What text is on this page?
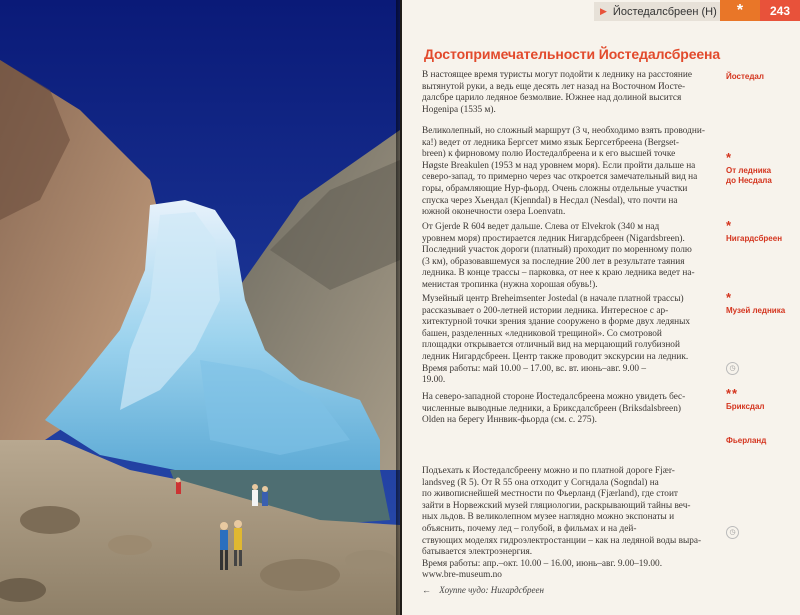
▶ Йостедалсбреен (H)	*	243
Достопримечательности Йостедалсбреена
В настоящее время туристы могут подойти к леднику на расстояние
вытянутой руки, а ведь еще десять лет назад на Восточном Йосте-
далсбре царило ледяное безмолвие. Южнее над долиной высится
Hogenipa (1535 м).
Великолепный, но сложный маршрут (3 ч, необходимо взять проводни-
ка!) ведет от ледника Бергсет мимо язык Бергсетбреена (Bergset-
breen) к фирновому полю Йостедалбреена и к его высшей точке
Høgste Breakulen (1953 м над уровнем моря). Если пройти дальше на
северо-запад, то примерно через час откроется замечательный вид на
горы, обрамляющие Нур-фьорд. Очень сложны отдельные участки
спуска через Хьендал (Kjenndal) в Несдал (Nesdal), что почти на
южной оконечности озера Loenvatn.
От Gjerde R 604 ведет дальше. Слева от Elvekrok (340 м над
уровнем моря) простирается ледник Нигардсбреен (Nigardsbreen).
Последний участок дороги (платный) проходит по моренному полю
(3 км), образовавшемуся за последние 200 лет в результате таяния
ледника. В конце трассы – парковка, от нее к краю ледника ведет на-
менистая тропинка (нужна хорошая обувь!).
Музейный центр Breheimsenter Jostedal (в начале платной трассы)
рассказывает о 200-летней истории ледника. Интересное с ар-
хитектурной точки зрения здание сооружено в форме двух ледяных
башен, разделенных «ледниковой трещиной». Со смотровой
площадки открывается отличный вид на мерцающий голубизной
ледник Нигардсбреен. Центр также проводит экскурсии на ледник.
Время работы: май 10.00 – 17.00, вс. вт. июнь–авг. 9.00 –
19.00.
На северо-западной стороне Йостедалсбреена можно увидеть бес-
численные выводные ледники, а Бриксдалсбреен (Briksdalsbreen)
Olden на берегу Иннвик-фьорда (см. с. 275).
Подъехать к Йостедалсбреену можно и по платной дороге Fjær-
landsveg (R 5). От R 55 она отходит у Согндала (Sogndal) на
по живописнейшей местности по Фьерланд (Fjærland), где стоит
зайти в Норвежский музей гляциологии, раскрывающий тайны веч-
ных льдов. В великолепном музее наглядно можно экспонаты и
объяснить, почему лед – голубой, в фильмах и на дей-
ствующих моделях гидроэлектростанции – как на ледяной воды выра-
батывается электроэнергия.
Время работы: апр.–окт. 10.00 – 16.00, июнь–авг. 9.00–19.00.
www.bre-museum.no
Йостедал
*
От ледника
до Несдала
*
Нигардсбреен
*
Музей ледника
◷
**
Бриксдал
Фьерланд
◷
← Хоуппе чудо: Нигардсбреен
